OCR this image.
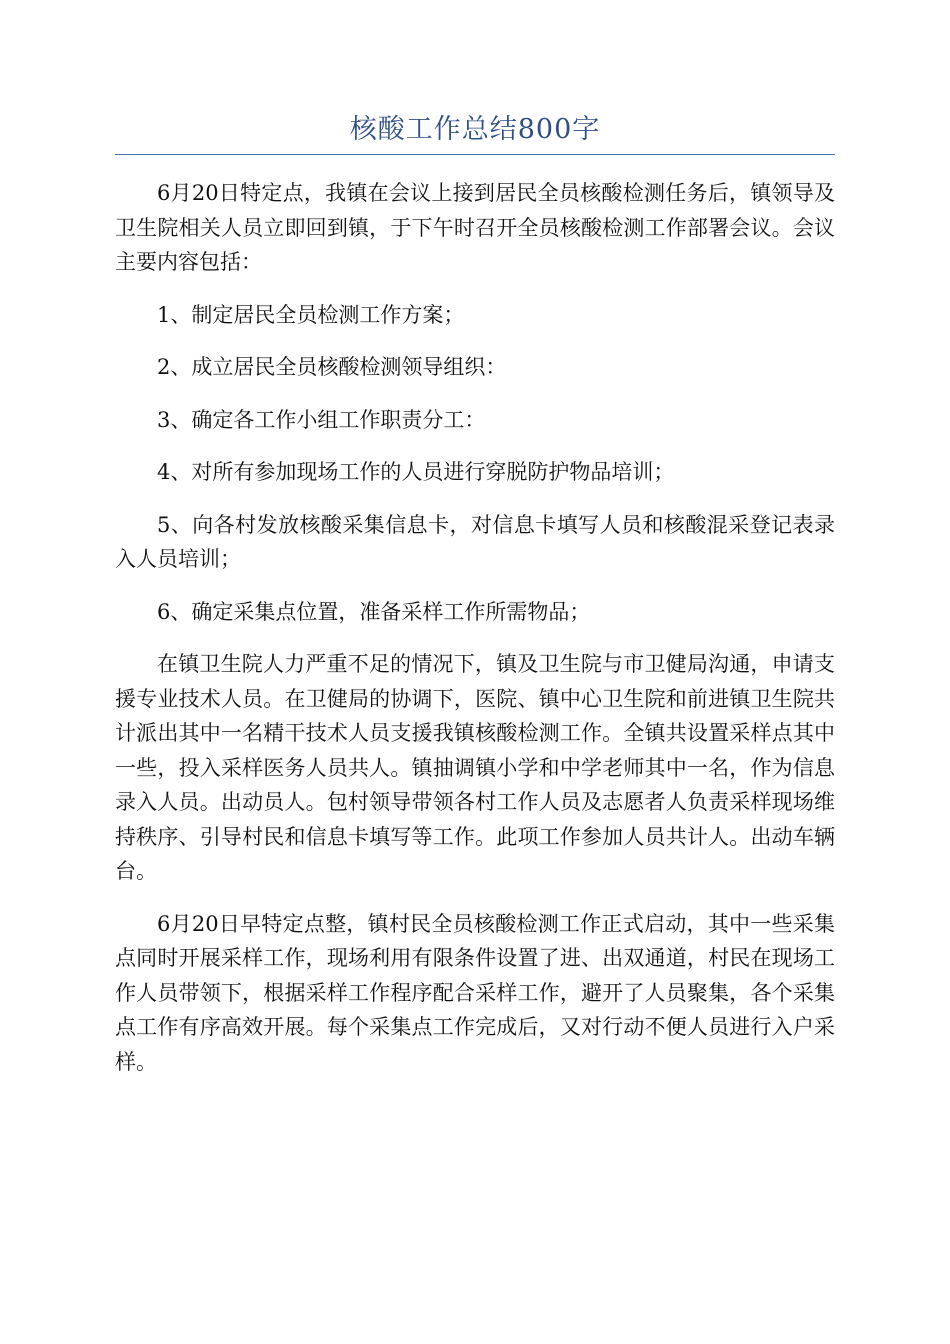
核酸工作总结800字

6月20日特定点，我镇在会议上接到居民全员核酸检测任务后，镇领导及卫生院相关人员立即回到镇，于下午时召开全员核酸检测工作部署会议。会议主要内容包括：

1、制定居民全员检测工作方案；

2、成立居民全员核酸检测领导组织：

3、确定各工作小组工作职责分工：

4、对所有参加现场工作的人员进行穿脱防护物品培训；

5、向各村发放核酸采集信息卡，对信息卡填写人员和核酸混采登记表录入人员培训；

6、确定采集点位置，准备采样工作所需物品；

在镇卫生院人力严重不足的情况下，镇及卫生院与市卫健局沟通，申请支援专业技术人员。在卫健局的协调下，医院、镇中心卫生院和前进镇卫生院共计派出其中一名精干技术人员支援我镇核酸检测工作。全镇共设置采样点其中一些，投入采样医务人员共人。镇抽调镇小学和中学老师其中一名，作为信息录入人员。出动员人。包村领导带领各村工作人员及志愿者人负责采样现场维持秩序、引导村民和信息卡填写等工作。此项工作参加人员共计人。出动车辆台。

6月20日早特定点整，镇村民全员核酸检测工作正式启动，其中一些采集点同时开展采样工作，现场利用有限条件设置了进、出双通道，村民在现场工作人员带领下，根据采样工作程序配合采样工作，避开了人员聚集，各个采集点工作有序高效开展。每个采集点工作完成后，又对行动不便人员进行入户采样。
